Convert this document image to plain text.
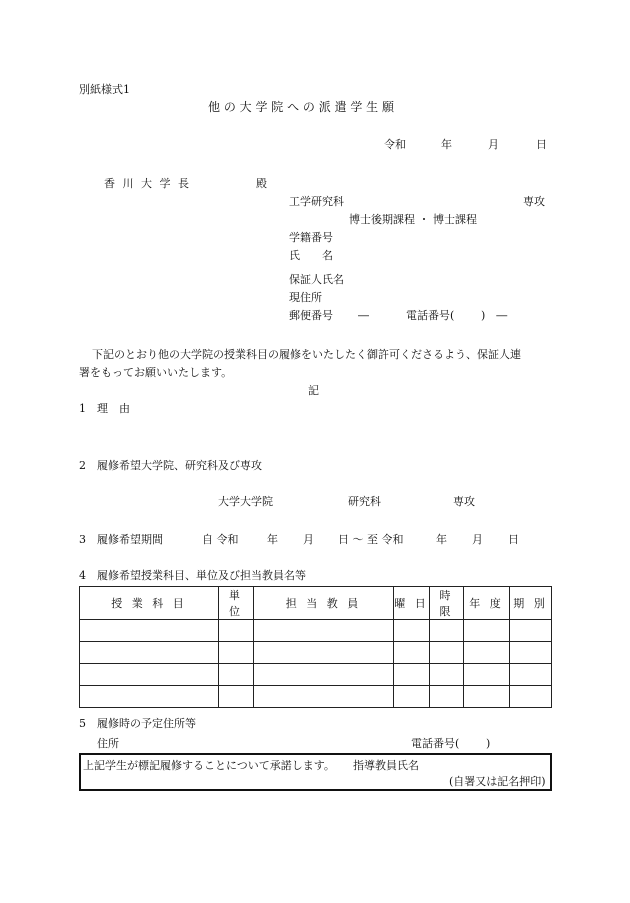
別紙様式1
他 の 大 学 院 へ の 派 遣 学 生 願
令和	年	月	日
香 川 大 学 長	殿
工学研究科	専攻
博士後期課程 ・ 博士課程
学籍番号
氏　　名
保証人氏名
現住所
郵便番号 ―	電話番号( )　―
下記のとおり他の大学院の授業科目の履修をいたしたく御許可くださるよう、保証人連
署をもってお願いいたします。
記
1　理　由
2　履修希望大学院、研究科及び専攻
大学大学院	研究科	専攻
3　履修希望期間	自 令和	年 月 日 ～ 至 令和	年 月 日
4　履修希望授業科目、単位及び担当教員名等
授 業 科 目	単 位	担 当 教 員	曜 日	時 限	年 度	期 別

5　履修時の予定住所等
住所	電話番号( )
上記学生が標記履修することについて承諾します。 指導教員氏名
(自署又は記名押印)
